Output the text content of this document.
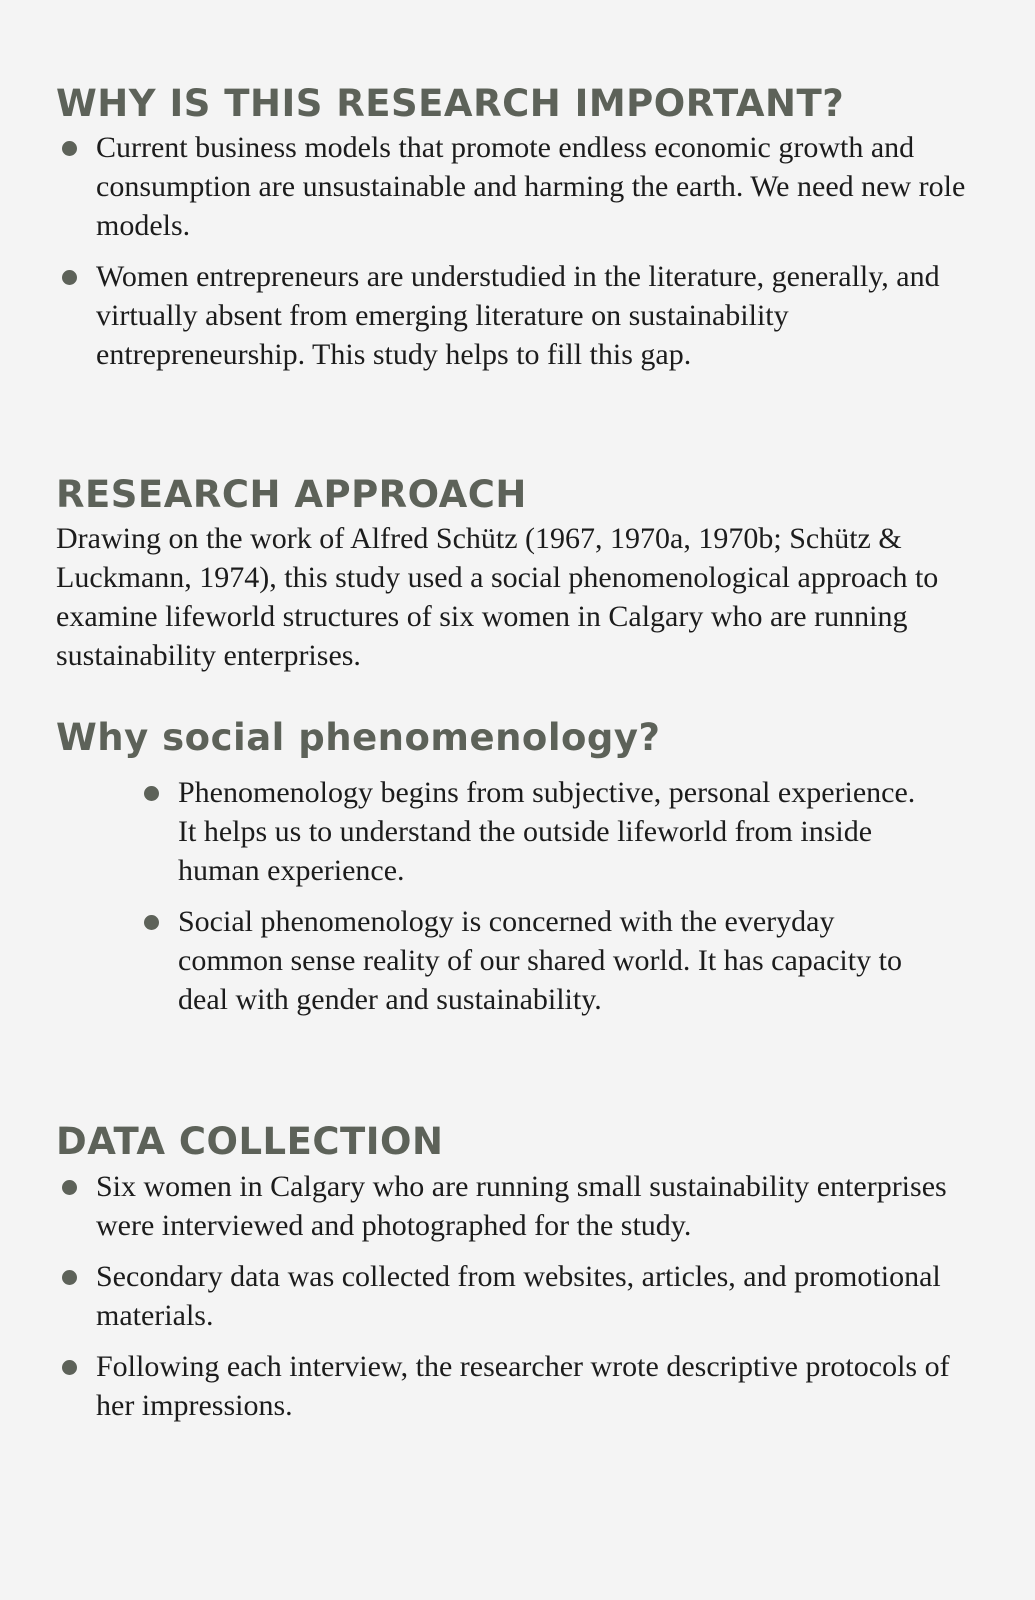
WHY IS THIS RESEARCH IMPORTANT?
Current business models that promote endless economic growth and consumption are unsustainable and harming the earth. We need new role models.
Women entrepreneurs are understudied in the literature, generally, and virtually absent from emerging literature on sustainability entrepreneurship. This study helps to fill this gap.
RESEARCH APPROACH

Drawing on the work of Alfred Schütz (1967, 1970a, 1970b; Schütz & Luckmann, 1974), this study used a social phenomenological approach to examine lifeworld structures of six women in Calgary who are running sustainability enterprises.

Why social phenomenology?
Phenomenology begins from subjective, personal experience. It helps us to understand the outside lifeworld from inside human experience.
Social phenomenology is concerned with the everyday common sense reality of our shared world. It has capacity to deal with gender and sustainability.
DATA COLLECTION
Six women in Calgary who are running small sustainability enterprises were interviewed and photographed for the study.
Secondary data was collected from websites, articles, and promotional materials.
Following each interview, the researcher wrote descriptive protocols of her impressions.
